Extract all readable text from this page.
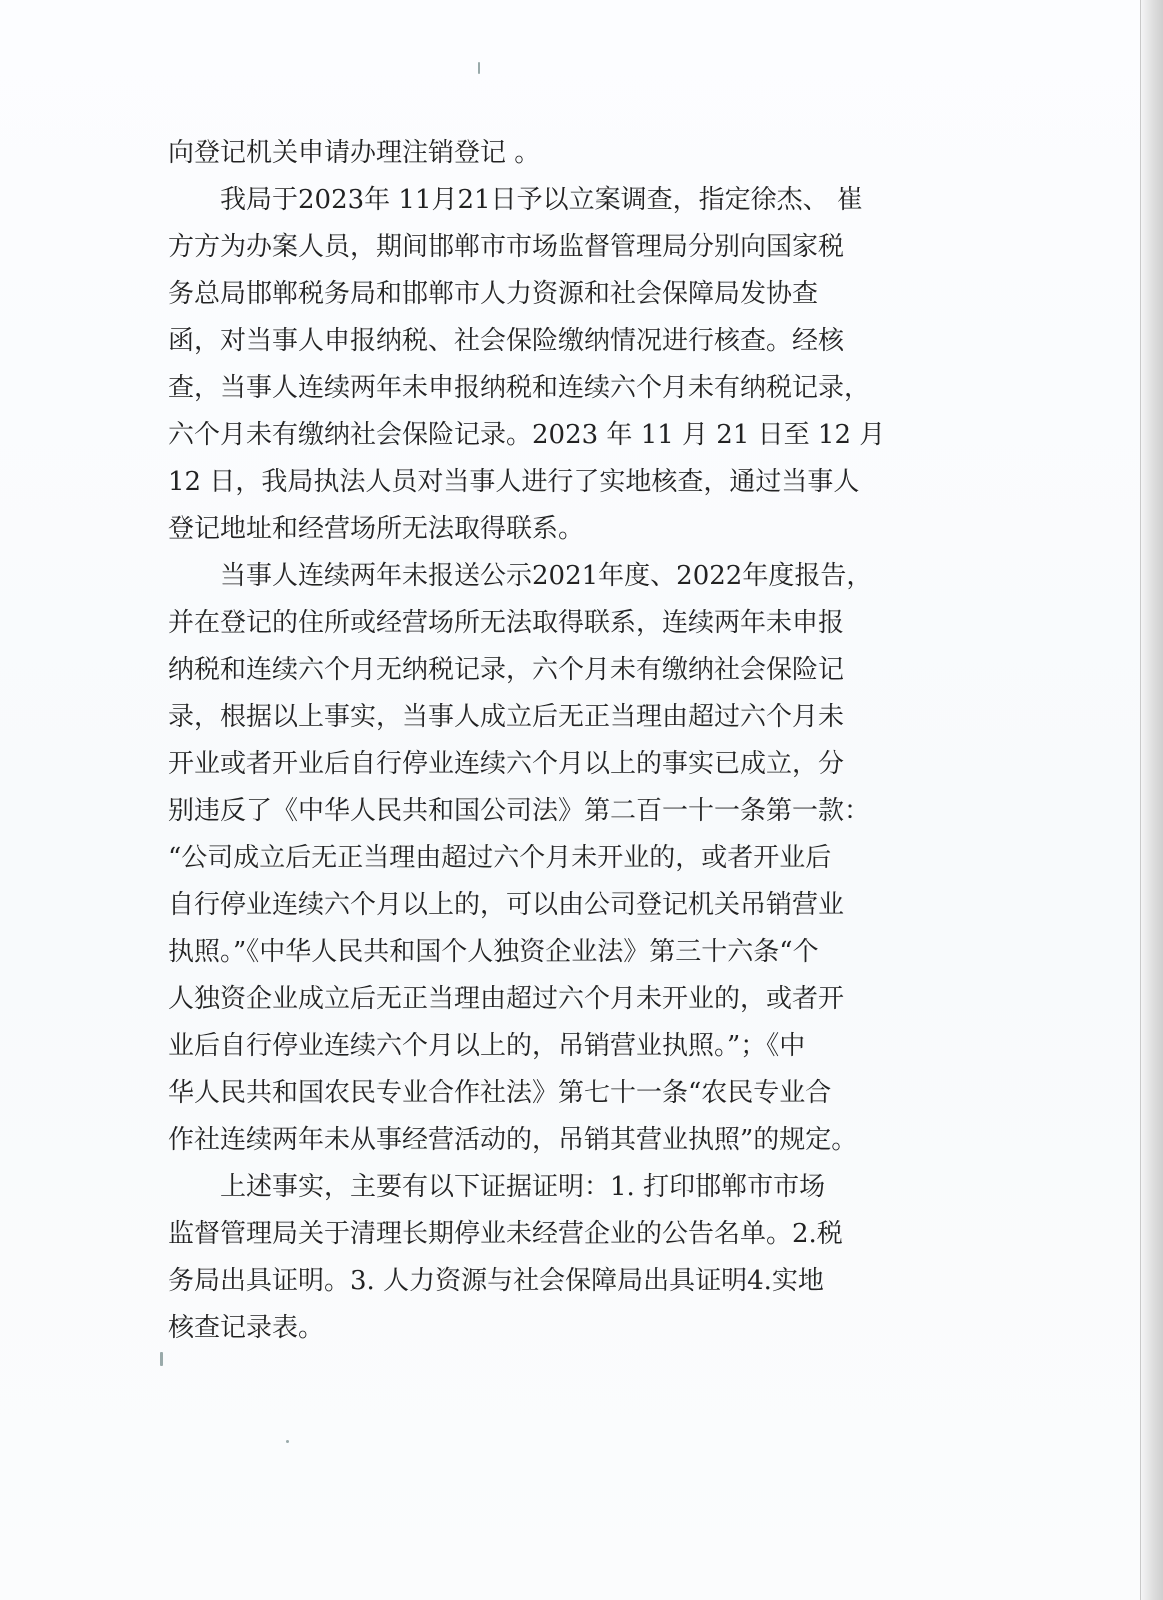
向登记机关申请办理注销登记 。
我局于2023年 11月21日予以立案调查，指定徐杰、 崔
方方为办案人员，期间邯郸市市场监督管理局分别向国家税
务总局邯郸税务局和邯郸市人力资源和社会保障局发协查
函，对当事人申报纳税、社会保险缴纳情况进行核查。经核
查，当事人连续两年未申报纳税和连续六个月未有纳税记录，
六个月未有缴纳社会保险记录。2023 年 11 月 21 日至 12 月
12 日，我局执法人员对当事人进行了实地核查，通过当事人
登记地址和经营场所无法取得联系。
当事人连续两年未报送公示2021年度、2022年度报告，
并在登记的住所或经营场所无法取得联系，连续两年未申报
纳税和连续六个月无纳税记录，六个月未有缴纳社会保险记
录，根据以上事实，当事人成立后无正当理由超过六个月未
开业或者开业后自行停业连续六个月以上的事实已成立，分
别违反了《中华人民共和国公司法》第二百一十一条第一款：
“公司成立后无正当理由超过六个月未开业的，或者开业后
自行停业连续六个月以上的，可以由公司登记机关吊销营业
执照。”《中华人民共和国个人独资企业法》第三十六条“个
人独资企业成立后无正当理由超过六个月未开业的，或者开
业后自行停业连续六个月以上的，吊销营业执照。”；《中
华人民共和国农民专业合作社法》第七十一条“农民专业合
作社连续两年未从事经营活动的，吊销其营业执照”的规定。
上述事实，主要有以下证据证明：1. 打印邯郸市市场
监督管理局关于清理长期停业未经营企业的公告名单。2.税
务局出具证明。3. 人力资源与社会保障局出具证明4.实地
核查记录表。
